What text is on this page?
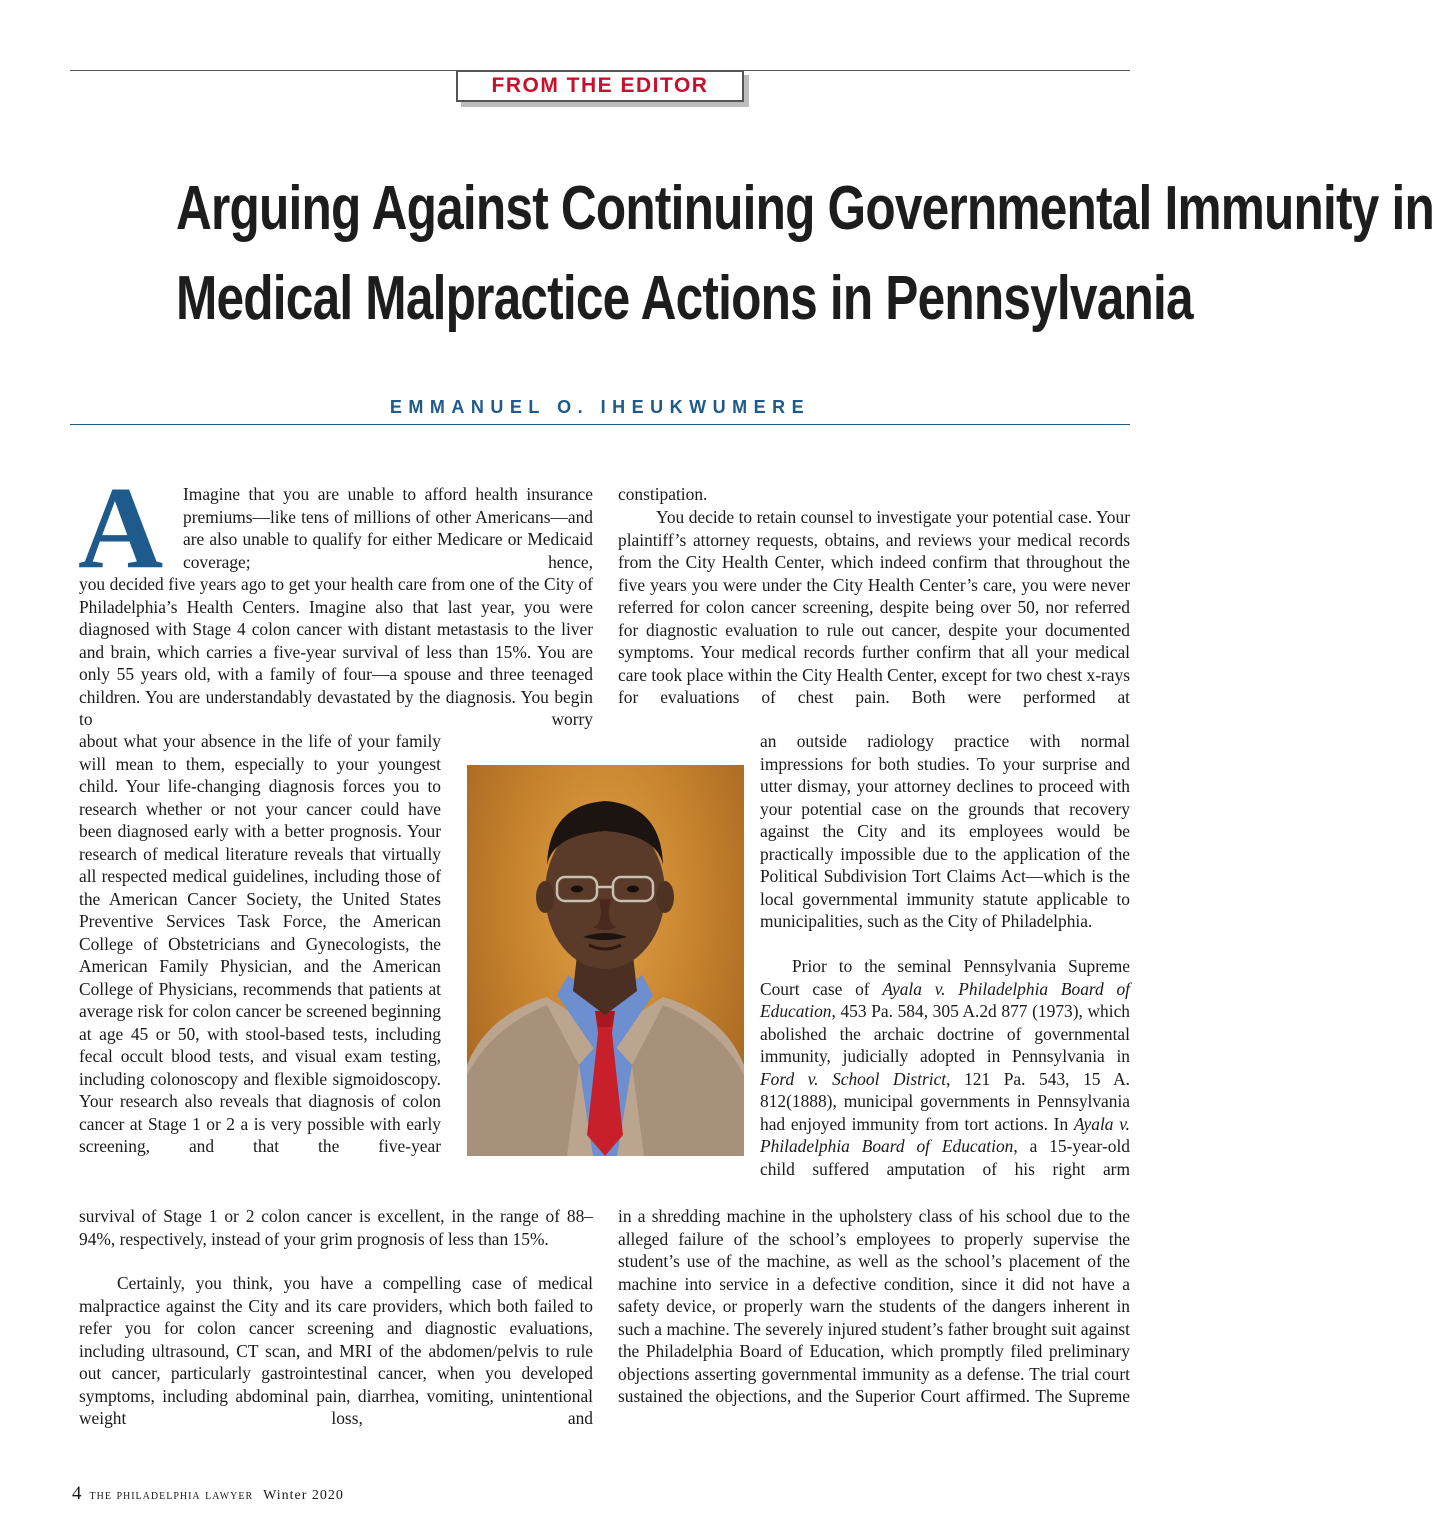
FROM THE EDITOR
Arguing Against Continuing Governmental Immunity in
Medical Malpractice Actions in Pennsylvania
EMMANUEL O. IHEUKWUMERE
A Imagine that you are unable to afford health insurance premiums—like tens of millions of other Americans—and are also unable to qualify for either Medicare or Medicaid coverage; hence,

you decided five years ago to get your health care from one of the City of Philadelphia’s Health Centers. Imagine also that last year, you were diagnosed with Stage 4 colon cancer with distant metastasis to the liver and brain, which carries a five-year survival of less than 15%. You are only 55 years old, with a family of four—a spouse and three teenaged children. You are understandably devastated by the diagnosis. You begin to worry

about what your absence in the life of your family will mean to them, especially to your youngest child. Your life-changing diagnosis forces you to research whether or not your cancer could have been diagnosed early with a better prognosis. Your research of medical literature reveals that virtually all respected medical guidelines, including those of the American Cancer Society, the United States Preventive Services Task Force, the American College of Obstetricians and Gynecologists, the American Family Physician, and the American College of Physicians, recommends that patients at average risk for colon cancer be screened beginning at age 45 or 50, with stool-based tests, including fecal occult blood tests, and visual exam testing, including colonoscopy and flexible sigmoidoscopy. Your research also reveals that diagnosis of colon cancer at Stage 1 or 2 a is very possible with early screening, and that the five-year

survival of Stage 1 or 2 colon cancer is excellent, in the range of 88–94%, respectively, instead of your grim prognosis of less than 15%.

Certainly, you think, you have a compelling case of medical malpractice against the City and its care providers, which both failed to refer you for colon cancer screening and diagnostic evaluations, including ultrasound, CT scan, and MRI of the abdomen/pelvis to rule out cancer, particularly gastrointestinal cancer, when you developed symptoms, including abdominal pain, diarrhea, vomiting, unintentional weight loss, and

constipation.

You decide to retain counsel to investigate your potential case. Your plaintiff’s attorney requests, obtains, and reviews your medical records from the City Health Center, which indeed confirm that throughout the five years you were under the City Health Center’s care, you were never referred for colon cancer screening, despite being over 50, nor referred for diagnostic evaluation to rule out cancer, despite your documented symptoms. Your medical records further confirm that all your medical care took place within the City Health Center, except for two chest x-rays for evaluations of chest pain. Both were performed at

an outside radiology practice with normal impressions for both studies. To your surprise and utter dismay, your attorney declines to proceed with your potential case on the grounds that recovery against the City and its employees would be practically impossible due to the application of the Political Subdivision Tort Claims Act—which is the local governmental immunity statute applicable to municipalities, such as the City of Philadelphia.

Prior to the seminal Pennsylvania Supreme Court case of Ayala v. Philadelphia Board of Education, 453 Pa. 584, 305 A.2d 877 (1973), which abolished the archaic doctrine of governmental immunity, judicially adopted in Pennsylvania in Ford v. School District, 121 Pa. 543, 15 A. 812(1888), municipal governments in Pennsylvania had enjoyed immunity from tort actions. In Ayala v. Philadelphia Board of Education, a 15-year-old child suffered amputation of his right arm

in a shredding machine in the upholstery class of his school due to the alleged failure of the school’s employees to properly supervise the student’s use of the machine, as well as the school’s placement of the machine into service in a defective condition, since it did not have a safety device, or properly warn the students of the dangers inherent in such a machine. The severely injured student’s father brought suit against the Philadelphia Board of Education, which promptly filed preliminary objections asserting governmental immunity as a defense. The trial court sustained the objections, and the Superior Court affirmed. The Supreme

4 the philadelphia lawyer Winter 2020
